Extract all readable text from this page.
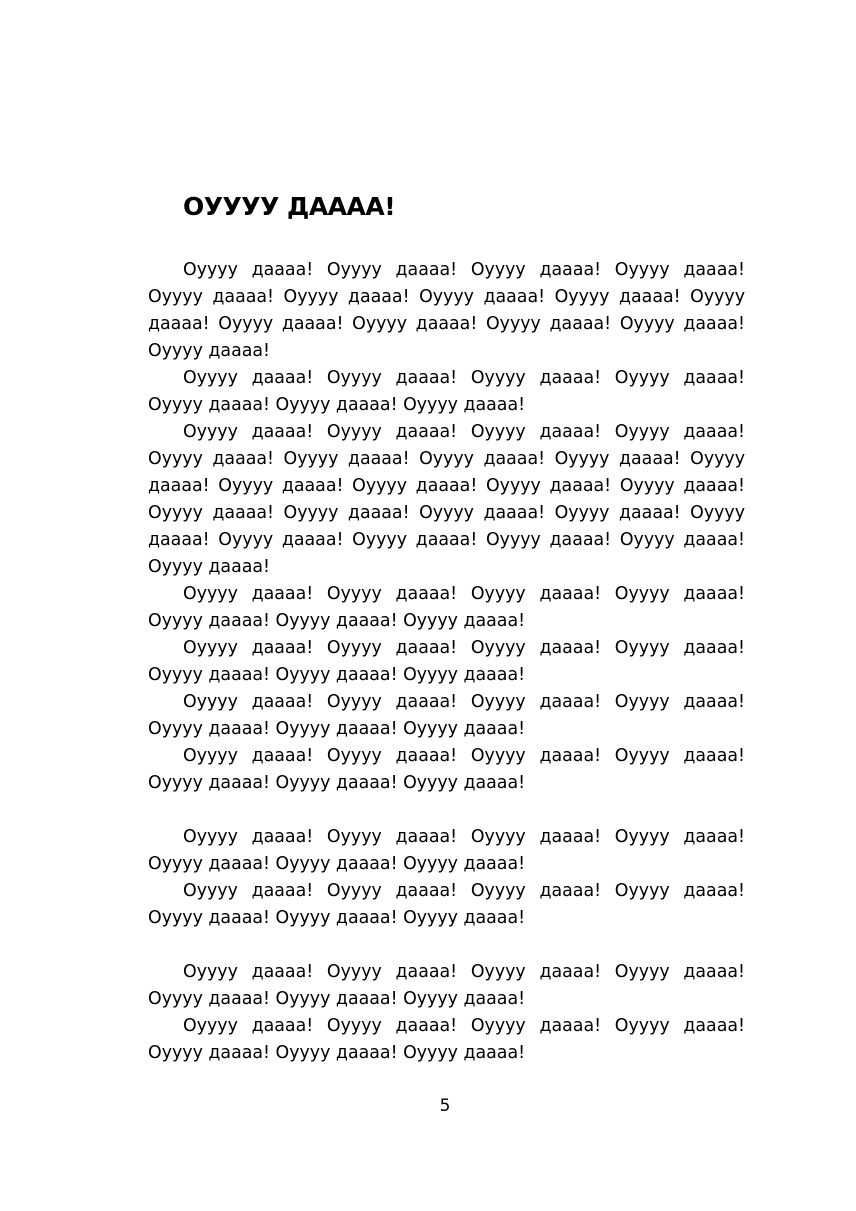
ОУУУУ ДАААА!

Оуууу даааа! Оуууу даааа! Оуууу даааа! Оуууу даааа! Оуууу даааа! Оуууу даааа! Оуууу даааа! Оуууу даааа! Оуууу даааа! Оуууу даааа! Оуууу даааа! Оуууу даааа! Оуууу даааа! Оуууу даааа!

Оуууу даааа! Оуууу даааа! Оуууу даааа! Оуууу даааа! Оуууу даааа! Оуууу даааа! Оуууу даааа!

Оуууу даааа! Оуууу даааа! Оуууу даааа! Оуууу даааа! Оуууу даааа! Оуууу даааа! Оуууу даааа! Оуууу даааа! Оуууу даааа! Оуууу даааа! Оуууу даааа! Оуууу даааа! Оуууу даааа! Оуууу даааа! Оуууу даааа! Оуууу даааа! Оуууу даааа! Оуууу даааа! Оуууу даааа! Оуууу даааа! Оуууу даааа! Оуууу даааа! Оуууу даааа!

Оуууу даааа! Оуууу даааа! Оуууу даааа! Оуууу даааа! Оуууу даааа! Оуууу даааа! Оуууу даааа!

Оуууу даааа! Оуууу даааа! Оуууу даааа! Оуууу даааа! Оуууу даааа! Оуууу даааа! Оуууу даааа!

Оуууу даааа! Оуууу даааа! Оуууу даааа! Оуууу даааа! Оуууу даааа! Оуууу даааа! Оуууу даааа!

Оуууу даааа! Оуууу даааа! Оуууу даааа! Оуууу даааа! Оуууу даааа! Оуууу даааа! Оуууу даааа!

Оуууу даааа! Оуууу даааа! Оуууу даааа! Оуууу даааа! Оуууу даааа! Оуууу даааа! Оуууу даааа!

Оуууу даааа! Оуууу даааа! Оуууу даааа! Оуууу даааа! Оуууу даааа! Оуууу даааа! Оуууу даааа!

Оуууу даааа! Оуууу даааа! Оуууу даааа! Оуууу даааа! Оуууу даааа! Оуууу даааа! Оуууу даааа!

Оуууу даааа! Оуууу даааа! Оуууу даааа! Оуууу даааа! Оуууу даааа! Оуууу даааа! Оуууу даааа!

5
